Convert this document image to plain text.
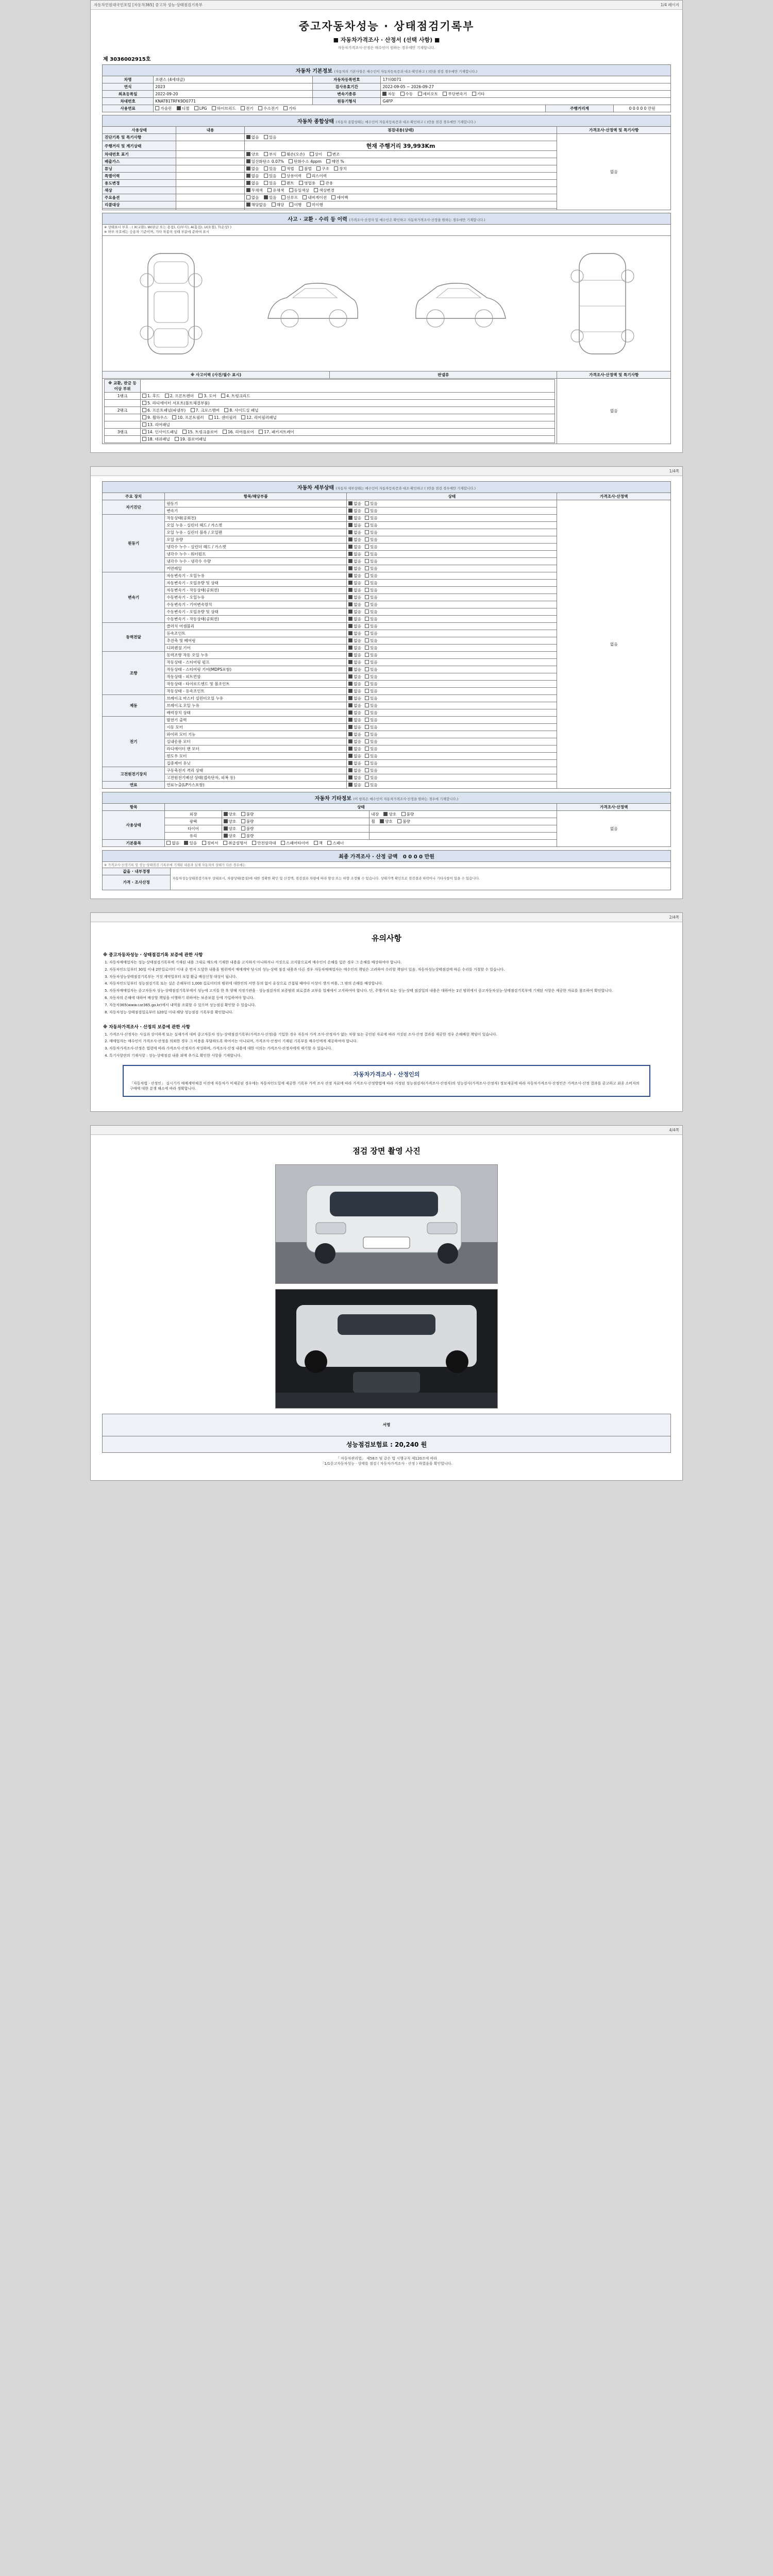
자동차민원대국민포털 [자동차365] 중고차 성능·상태점검기록부	1/4 페이지
중고자동차성능 · 상태점검기록부
■ 자동차가격조사 · 산정서 (선택 사항) ■
자동차가격조사·산정은 매수인이 원하는 경우에만 기재합니다.
제 3036002915호
자동차 기본정보 (자동차의 기본사항은 매수인이 자동차등록증과 대조·확인하고 ( )란을 점검 경우에만 기재합니다.)					
차명	쏘렌스 (4세대급)	자동차등록번호	17허0071		
연식	2023	검사유효기간	2022-09-05 ~ 2026-09-27		
최초등록일	2022-09-20	변속기종류	자동 수동 세미오토 무단변속기 기타		
차대번호	KNAT81TRFK9D0771	원동기형식	G4FP		
사용연료	가솔린 디젤 LPG 하이브리드 전기 수소전기 기타			주행거리계	0 0 0 0 0 만원
자동차 종합상태 (자동차 종합상태는 매수인이 자동차등록증과 대조·확인하고 ( )란을 점검 경우에만 기재합니다.)			
사용상태	내용	점검내용(상태)	가격조사·산정액 및 특기사항
진단기록 및 특기사항		없음 있음	없음
주행거리 및 계기상태		현재 주행거리 39,993Km	
차대번호 표기		양호 부식 훼손(오손) 상이 변조	
배출가스		일산화탄소 0.07% 탄화수소 4ppm 매연 %	
튜닝		없음 있음 적법 불법 구조 장치	
특별이력		없음 있음 상용이력 리스이력	
용도변경		없음 있음 렌트 영업용 관용	
색상		무채색 유채색 동일색상 색상변경	
주요옵션		없음 있음 선루프 내비게이션 에어백	
리콜대상		해당없음 해당 이행 미이행	

사고 · 교환 · 수리 등 이력 (가격조사·산정자 및 매수인은 확인하고 자동차가격조사·산정을 원하는 경우에만 기재합니다.)

※ 상태표시 부호 : ( X(교환), W(판금 또는 용접), C(부식), A(흠집), U(요철), T(손상) )
※ 하부 부호에는 승용차 기준이며, 기타 차종의 상태 부분에 준하여 표시

※ 사고이력 (사진/필수 표시)	판넬류	가격조사·산정액 및 특기사항

※ 교환, 판금 등 이상 부위	
1랭크	1. 후드	2. 프론트펜더	3. 도어	4. 트렁크리드
	5. 라디에이터 서포트(볼트체결부품)
2랭크	6. 프론트패널(파넬부)	7. 크로스멤버	8. 사이드실 패널
	9. 휠하우스	10. 프론트필러	11. 센터필러	12. 리어필러패널
	13. 리어패널
3랭크	14. 인사이드패널	15. 트렁크플로어	16. 리어플로어	17. 패키지트레이
	18. 대쉬패널	19. 플로어패널
	없음

1/4쪽
자동차 세부상태 (자동차 세부상태는 매수인이 자동차등록증과 대조·확인하고 ( )란을 점검 경우에만 기재합니다.)			
주요 장치	항목/해당부품	상태	가격조사·산정액
자기진단	원동기	없음 있음	없음
	변속기	없음 있음	
원동기	작동상태(공회전)	없음 있음	
	오일 누유 - 실린더 헤드 / 가스켓	없음 있음	
	오일 누유 - 실린더 블록 / 오일팬	없음 있음	
	오일 유량	없음 있음	
	냉각수 누수 - 실린더 헤드 / 가스켓	없음 있음	
	냉각수 누수 - 워터펌프	없음 있음	
	냉각수 누수 - 냉각수 수량	없음 있음	
	커먼레일	없음 있음	
변속기	자동변속기 - 오일누유	없음 있음	
	자동변속기 - 오일유량 및 상태	없음 있음	
	자동변속기 - 작동상태(공회전)	없음 있음	
	수동변속기 - 오일누유	없음 있음	
	수동변속기 - 기어변속장치	없음 있음	
	수동변속기 - 오일유량 및 상태	없음 있음	
	수동변속기 - 작동상태(공회전)	없음 있음	
동력전달	클러치 어셈블리	없음 있음	
	등속조인트	없음 있음	
	추진축 및 베어링	없음 있음	
	디퍼렌셜 기어	없음 있음	
조향	동력조향 작동 오일 누유	없음 있음	
	작동상태 - 스티어링 펌프	없음 있음	
	작동상태 - 스티어링 기어(MDPS포함)	없음 있음	
	작동상태 - 피트먼암	없음 있음	
	작동상태 - 타이로드엔드 및 볼조인트	없음 있음	
	작동상태 - 등속조인트	없음 있음	
제동	브레이크 마스터 실린더오일 누유	없음 있음	
	브레이크 오일 누유	없음 있음	
	배력장치 상태	없음 있음	
전기	발전기 출력	없음 있음	
	시동 모터	없음 있음	
	와이퍼 모터 기능	없음 있음	
	실내송풍 모터	없음 있음	
	라디에이터 팬 모터	없음 있음	
	윈도우 모터	없음 있음	
	집중제어 유닛	없음 있음	
고전원전기장치	구동축전지 격리 상태	없음 있음	
	고전원전기배선 상태(접속단자, 피복 등)	없음 있음	
연료	연료누출(LP가스포함)	없음 있음	
자동차 기타정보 (이 항목은 매수인이 자동차가격조사·산정을 원하는 경우에 기재합니다.)				
항목	상태			가격조사·산정액
사용상태	외장	양호 불량	내장 양호 불량	없음
	광택	양호 불량	휠 양호 불량	
	타이어	양호 불량		
	유리	양호 불량		
기본품목	없음 있음 정비서 취급설명서 안전삼각대 스패어타이어 잭 스패너			
최종 가격조사 · 산정 금액 0 0 0 0 만원
※ 가격조사·산정기록 및 성능·상태점검 기록부에 기재된 내용과 실제 자동차의 상태가 다른 경우에는
값을 · 내부경쟁	자동차성능상태점검기록부 상태표시, 차량상태(품질)에 대한 정확한 확인 및 산정액, 점검결과 차량에 따라 향상 또는 하향 조정될 수 있습니다. 상태가액 확인으로 점검결과 하락이나 기타사항이 있을 수 있습니다.
가격 · 조사산정

2/4쪽
유의사항
※ 중고자동차성능 · 상태점검기록 보증에 관한 사항
1. 자동차매매업자는 성능·상태점검기록부에 기재된 내용 그대로 매도에 기재한 내용을 고지하지 아니하거나 거짓으로 고지함으로써 매수인이 손해를 입은 경우 그 손해를 배상하여야 합니다.
2. 자동차인도일부터 30일 이내 2만킬로미터 이내 중 먼저 도달한 내용을 범위에서 매매계약 당시의 성능·상태 점검 내용과 다른 경우 자동차매매업자는 매수인의 책임은 고려하여 수리할 책임이 있음. 자동차성능상태점검에 따른 수리를 거절할 수 있습니다.
3. 자동차성능상태점검기록부는 거짓 계약일부터 보험 환급 배상신청 대상이 됩니다.
4. 자동차인도일부터 성능점검기록 또는 실손 손해부터 1,000 킬로미터의 범위에 대한인의 서면 동의 없이 유상으로 간접될 때마다 이상이 생겨 비용, 그 밖의 손해를 배상합니다.
5. 자동차매매업자는 중고자동차 성능·상태점검기록부에서 성능에 고지를 한 후 양해 지정기관을 · 성능점검자의 보증범위 외로결과 교부를 업체에서 고지하여야 합니다. 단, 주행거리 또는 성능·상태 점검일의 내용은 대하여는 1년 범위에서 중고자동차성능·상태점검기록부에 기재된 사항은 제공한 자료를 참조하여 확인합니다.
6. 자동차의 손해에 대하여 배상할 책임을 이행하기 위하여는 보증보험 등에 가입하여야 합니다.
7. 자동차365(www.car365.go.kr)에서 내역을 조회할 수 있으며 성능점검 확인할 수 있습니다.
8. 자동차성능·상태점검일로부터 120일 이내 해당 성능점검 기록부를 확인합니다.
※ 자동차가격조사 · 산정의 보증에 관한 사항
1. 가격조사·산정자는 사실과 상이하게 또는 실제가격 대비 중고자동차 성능·상태점검기록부(가격조사·산정)을 기입한 경우 자동차 가격 조사·산정자가 없는 차량 또는 공인된 자료에 따라 거짓된 조사·산정 결과를 제공한 경우 손해배상 책임이 있습니다.
2. 매매업자는 매수인이 가격조사·산정을 의뢰한 경우 그 비용을 부담하도록 하여서는 아니되며, 가격조사·산정이 기재된 기록부를 매수인에게 제공하여야 합니다.
3. 자동차가격조사·산정은 법령에 따라 가격조사·산정자가 작성하며, 가격조사·산정 내용에 대한 이의는 가격조사·산정자에게 제기할 수 있습니다.
4. 특기사항란의 기재사항 : 성능·상태점검 내용 외에 추가로 확인한 사항을 기재합니다.
자동차가격조사 · 산정인의
「자동차법 · 산정인」 실시기가 매매계약체결 이전에 자동차가 미제공된 경우에는 자동차인도일에 제공한 기록부 가격 조사 산정 자료에 따라 가격조사·산정방법에 따라 지정된 성능점검자(가격조사·산정자)의 성능검사(가격조사·산정자) 정보제공에 따라 자동차가격조사·산정인은 가격조사·산정 결과를 공고하고 최종 소비자의 구매에 대한 분쟁 해소에 따라 정확합니다.

4/4쪽
점검 장면 촬영 사진
서명
성능점검보험료 : 20,240 원
「 자동차관리법」 제58조 및 같은 법 시행규칙 제120조에 따라
「1/1중고자동차성능 · 상태를 점검 ( 자동차가격조사 · 산정 ) 하였음을 확인합니다.
